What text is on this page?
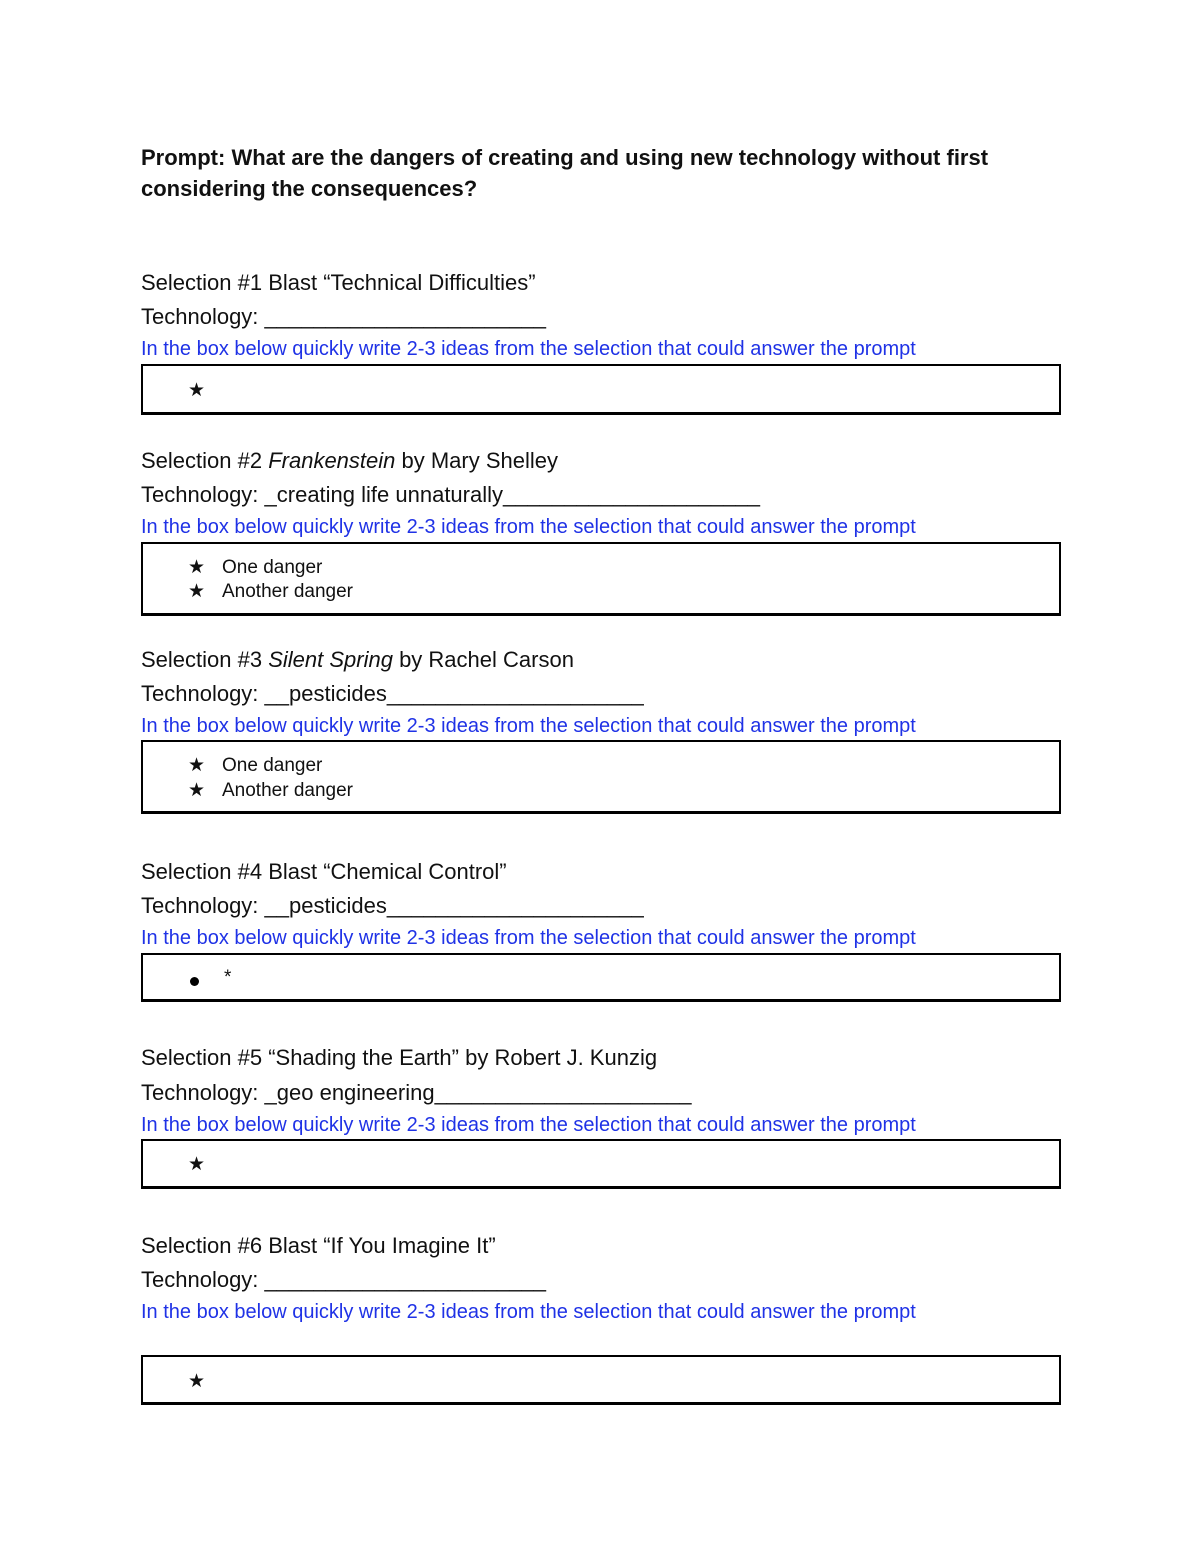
Prompt: What are the dangers of creating and using new technology without first considering the consequences?

Selection #1 Blast “Technical Difficulties”
Technology: _______________________
In the box below quickly write 2-3 ideas from the selection that could answer the prompt
★
Selection #2 Frankenstein by Mary Shelley
Technology: _creating life unnaturally_____________________
In the box below quickly write 2-3 ideas from the selection that could answer the prompt
★ One danger
★ Another danger
Selection #3 Silent Spring by Rachel Carson
Technology: __pesticides_____________________
In the box below quickly write 2-3 ideas from the selection that could answer the prompt
★ One danger
★ Another danger
Selection #4 Blast “Chemical Control”
Technology: __pesticides_____________________
In the box below quickly write 2-3 ideas from the selection that could answer the prompt
*
Selection #5 “Shading the Earth” by Robert J. Kunzig
Technology: _geo engineering_____________________
In the box below quickly write 2-3 ideas from the selection that could answer the prompt
★
Selection #6 Blast “If You Imagine It”
Technology: _______________________
In the box below quickly write 2-3 ideas from the selection that could answer the prompt
★
